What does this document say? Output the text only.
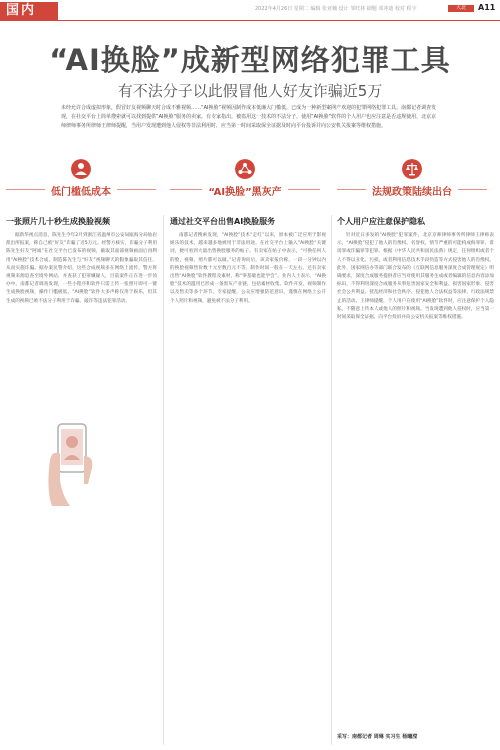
国内	2022年4月26日 星期二 编辑 张亚楠 设计 邹旺林 刷题 邓冲迪 校对 程宇	大北	A11
“AI换脸”成新型网络犯罪工具
有不法分子以此假冒他人好友诈骗近5万
未经允许合成虚拟形象，假冒好友视频聊天时合成不雅视频……“AI换脸”视频因制作成本低廉大门槛低，已成为一种新型案网产欢迎的犯罪网络犯罪工具。南都记者调查发现，在社交平台上简单搜索就可以找到提供“AI换脸”服务的卖家。有专家指出，被盗用这一技术的不法分子，使用“AI换脸”软件的个人用户也应注意是否违规使用，北京京师律师事务所律师王律师提醒，当用户发现遭到他人侵权等非法利用时，应当第一时间采取保全证据及时向平台投诉并向公安机关报案等维权措施。
低门槛低成本	“AI换脸”黑灰产	法规政策陆续出台
一张照片几十秒生成换脸视频	通过社交平台出售AI换脸服务	个人用户应注意保护隐私

据新华视点消息，陈先生今年2月到浙江省温州市公安局瓯海分局仙岩派出所报案，称自己被“好友”诈骗了近5万元。经警方核实，诈骗分子利用陈先生好友“阿诚”在社交平台已发布的视频，截取其面部视频画面后再利用“AI换脸”技术合成，制造陈先生与“好友”视频聊天的假象骗取其信任，从而实施诈骗。据办案民警介绍，这些合成视频多在网络上流传，警方将视频来源追查至境外网站，并查获了犯罪嫌疑人，目前案件正在进一步侦办中。南都记者调查发现，一些小程序和软件只需上传一张照片即可一键生成换脸视频，操作门槛极低。“AI换脸”软件大多声称仅用于娱乐，但其生成的视频已被不法分子利用于诈骗、敲诈等违法犯罪活动。

南都记者搜索发现，“AI换脸”技术“走红”以来，原本被广泛应用于影视娱乐的技术，越来越多地被用于非法用途。在社交平台上输入“AI换脸”关键词，便可看到大量出售换脸服务的帖子。有卖家在帖子中表示，“可换任何人的脸，视频、照片都可以做。”记者询问后，该卖家报价称，一段一分钟以内的换脸视频售价数十元至数百元不等，制作时间一般在一天左右。还有卖家出售“AI换脸”软件教程及素材，称“零基础也能学会”。业内人士表示，“AI换脸”技术的滥用已形成一条黑灰产业链，包括素材收集、软件开发、视频制作以及售卖等多个环节。专家提醒，公众应增强防范意识，谨慎在网络上公开个人照片和视频，避免被不法分子利用。

针对近日多发的“AI换脸”犯罪案件，北京京师律师事务所律师王律师表示，“AI换脸”侵犯了他人的肖像权、名誉权，情节严重的可能构成侮辱罪、诽谤罪或诈骗罪等犯罪。根据《中华人民共和国民法典》规定，任何组织或者个人不得以丑化、污损，或者利用信息技术手段伪造等方式侵害他人的肖像权。此外，国家网信办等部门联合发布的《互联网信息服务深度合成管理规定》明确要求，深度合成服务提供者应当对使用其服务生成或者编辑的信息内容添加标识，不得利用深度合成服务从事危害国家安全和利益、损害国家形象、侵害社会公共利益、扰乱经济和社会秩序、侵犯他人合法权益等法律、行政法规禁止的活动。王律师提醒，个人用户在使用“AI换脸”软件时，应注意保护个人隐私，不随意上传本人或他人的照片和视频。当发现遭到他人侵权时，应当第一时间采取保全证据、向平台投诉并向公安机关报案等维权措施。

采写：南都记者 周琳 实习生 杨曦滢
